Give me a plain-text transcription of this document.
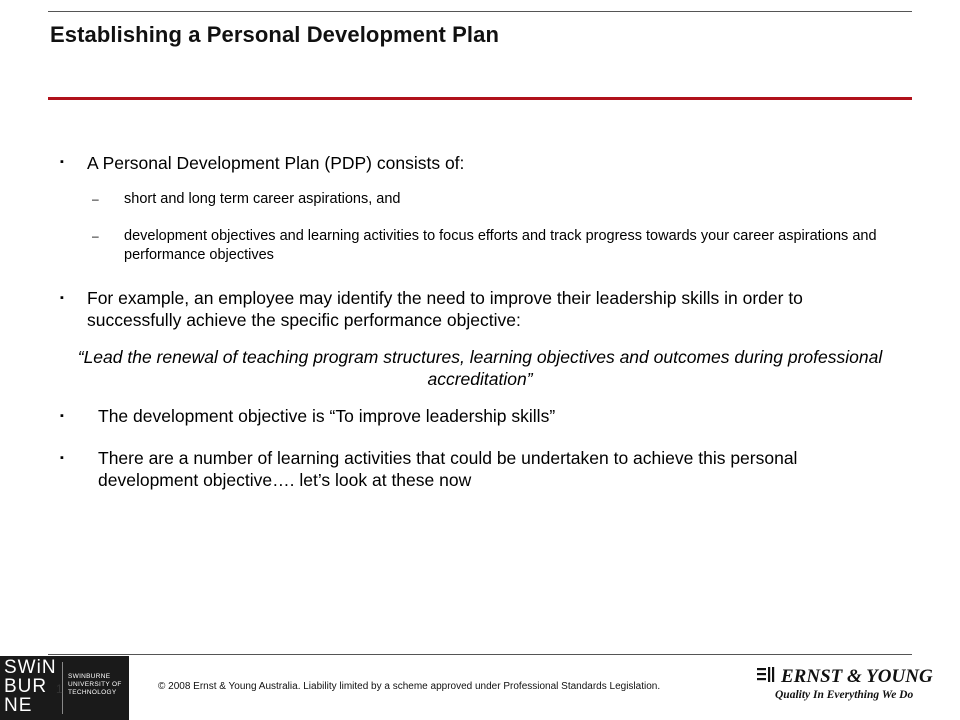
Establishing a Personal Development Plan
▪ A Personal Development Plan (PDP) consists of:
– short and long term career aspirations, and
– development objectives and learning activities to focus efforts and track progress towards your career aspirations and performance objectives
▪ For example, an employee may identify the need to improve their leadership skills in order to successfully achieve the specific performance objective:
“Lead the renewal of teaching program structures, learning objectives and outcomes during professional accreditation”
▪ The development objective is “To improve leadership skills”
▪ There are a number of learning activities that could be undertaken to achieve this personal development objective…. let’s look at these now
SWiN
BUR
NE
SWINBURNE
UNIVERSITY OF
TECHNOLOGY
1	© 2008 Ernst & Young Australia. Liability limited by a scheme approved under Professional Standards Legislation.	ERNST & YOUNG
Quality In Everything We Do
